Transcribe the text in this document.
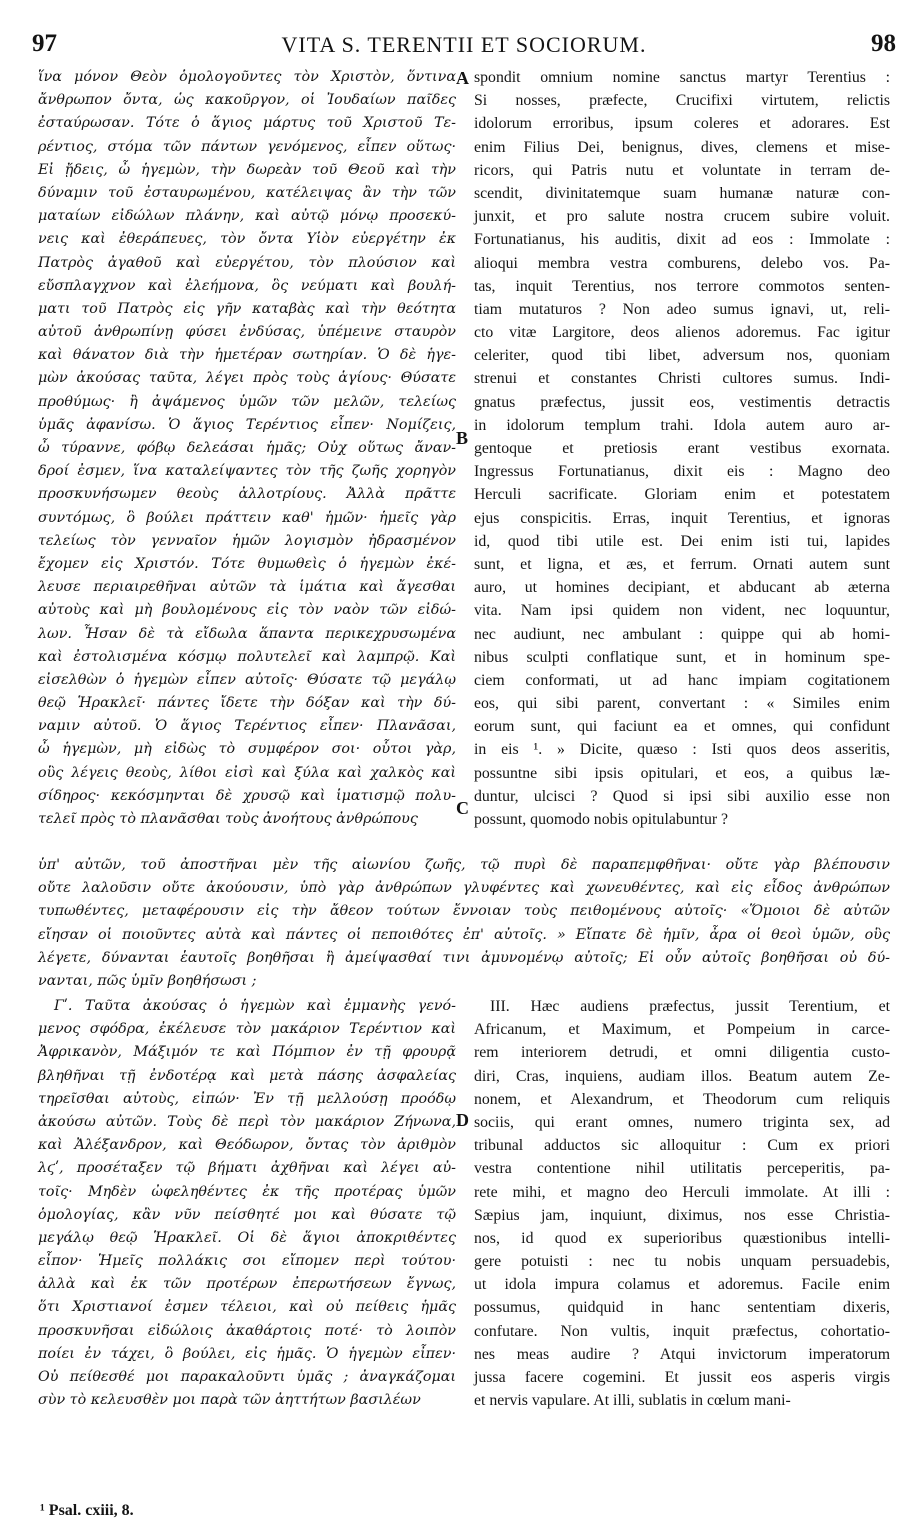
97	VITA S. TERENTII ET SOCIORUM.	98
ἵνα μόνον Θεὸν ὁμολογοῦντες τὸν Χριστὸν, ὅντινα
ἄνθρωπον ὄντα, ὡς κακοῦργον, οἱ Ἰουδαίων παῖδες
ἐσταύρωσαν. Τότε ὁ ἅγιος μάρτυς τοῦ Χριστοῦ Τε-
ρέντιος, στόμα τῶν πάντων γενόμενος, εἶπεν οὕτως·
Εἰ ᾔδεις, ὦ ἡγεμὼν, τὴν δωρεὰν τοῦ Θεοῦ καὶ τὴν
δύναμιν τοῦ ἐσταυρωμένου, κατέλειψας ἂν τὴν τῶν
ματαίων εἰδώλων πλάνην, καὶ αὐτῷ μόνῳ προσεκύ-
νεις καὶ ἐθεράπευες, τὸν ὄντα Υἱὸν εὐεργέτην ἐκ
Πατρὸς ἀγαθοῦ καὶ εὐεργέτου, τὸν πλούσιον καὶ
εὔσπλαγχνον καὶ ἐλεήμονα, ὃς νεύματι καὶ βουλή-
ματι τοῦ Πατρὸς εἰς γῆν καταβὰς καὶ τὴν θεότητα
αὐτοῦ ἀνθρωπίνῃ φύσει ἐνδύσας, ὑπέμεινε σταυρὸν
καὶ θάνατον διὰ τὴν ἡμετέραν σωτηρίαν. Ὁ δὲ ἡγε-
μὼν ἀκούσας ταῦτα, λέγει πρὸς τοὺς ἁγίους· Θύσατε
προθύμως· ἢ ἀψάμενος ὑμῶν τῶν μελῶν, τελείως
ὑμᾶς ἀφανίσω. Ὁ ἅγιος Τερέντιος εἶπεν· Νομίζεις,
ὦ τύραννε, φόβῳ δελεάσαι ἡμᾶς; Οὐχ οὕτως ἄναν-
δροί ἐσμεν, ἵνα καταλείψαντες τὸν τῆς ζωῆς χορηγὸν
προσκυνήσωμεν θεοὺς ἀλλοτρίους. Ἀλλὰ πρᾶττε
συντόμως, ὃ βούλει πράττειν καθ' ἡμῶν· ἡμεῖς γὰρ
τελείως τὸν γενναῖον ἡμῶν λογισμὸν ἠδρασμένον
ἔχομεν εἰς Χριστόν. Τότε θυμωθεὶς ὁ ἡγεμὼν ἐκέ-
λευσε περιαιρεθῆναι αὐτῶν τὰ ἱμάτια καὶ ἄγεσθαι
αὐτοὺς καὶ μὴ βουλομένους εἰς τὸν ναὸν τῶν εἰδώ-
λων. Ἦσαν δὲ τὰ εἴδωλα ἅπαντα περικεχρυσωμένα
καὶ ἐστολισμένα κόσμῳ πολυτελεῖ καὶ λαμπρῷ. Καὶ
εἰσελθὼν ὁ ἡγεμὼν εἶπεν αὐτοῖς· Θύσατε τῷ μεγάλῳ
θεῷ Ἡρακλεῖ· πάντες ἴδετε τὴν δόξαν καὶ τὴν δύ-
ναμιν αὐτοῦ. Ὁ ἅγιος Τερέντιος εἶπεν· Πλανᾶσαι,
ὦ ἡγεμὼν, μὴ εἰδὼς τὸ συμφέρον σοι· οὗτοι γὰρ,
οὓς λέγεις θεοὺς, λίθοι εἰσὶ καὶ ξύλα καὶ χαλκὸς καὶ
σίδηρος· κεκόσμηνται δὲ χρυσῷ καὶ ἱματισμῷ πολυ-
τελεῖ πρὸς τὸ πλανᾶσθαι τοὺς ἀνοήτους ἀνθρώπους
spondit omnium nomine sanctus martyr Terentius :
Si nosses, præfecte, Crucifixi virtutem, relictis
idolorum erroribus, ipsum coleres et adorares. Est
enim Filius Dei, benignus, dives, clemens et mise-
ricors, qui Patris nutu et voluntate in terram de-
scendit, divinitatemque suam humanæ naturæ con-
junxit, et pro salute nostra crucem subire voluit.
Fortunatianus, his auditis, dixit ad eos : Immolate :
alioqui membra vestra comburens, delebo vos. Pa-
tas, inquit Terentius, nos terrore commotos senten-
tiam mutaturos ? Non adeo sumus ignavi, ut, reli-
cto vitæ Largitore, deos alienos adoremus. Fac igitur
celeriter, quod tibi libet, adversum nos, quoniam
strenui et constantes Christi cultores sumus. Indi-
gnatus præfectus, jussit eos, vestimentis detractis
in idolorum templum trahi. Idola autem auro ar-
gentoque et pretiosis erant vestibus exornata.
Ingressus Fortunatianus, dixit eis : Magno deo
Herculi sacrificate. Gloriam enim et potestatem
ejus conspicitis. Erras, inquit Terentius, et ignoras
id, quod tibi utile est. Dei enim isti tui, lapides
sunt, et ligna, et æs, et ferrum. Ornati autem sunt
auro, ut homines decipiant, et abducant ab æterna
vita. Nam ipsi quidem non vident, nec loquuntur,
nec audiunt, nec ambulant : quippe qui ab homi-
nibus sculpti conflatique sunt, et in hominum spe-
ciem conformati, ut ad hanc impiam cogitationem
eos, qui sibi parent, convertant : « Similes enim
eorum sunt, qui faciunt ea et omnes, qui confidunt
in eis ¹. » Dicite, quæso : Isti quos deos asseritis,
possuntne sibi ipsis opitulari, et eos, a quibus læ-
duntur, ulcisci ? Quod si ipsi sibi auxilio esse non
possunt, quomodo nobis opitulabuntur ?
A
B
C
D
ὑπ' αὐτῶν, τοῦ ἀποστῆναι μὲν τῆς αἰωνίου ζωῆς, τῷ πυρὶ δὲ παραπεμφθῆναι· οὔτε γὰρ βλέπουσιν
οὔτε λαλοῦσιν οὔτε ἀκούουσιν, ὑπὸ γὰρ ἀνθρώπων γλυφέντες καὶ χωνευθέντες, καὶ εἰς εἶδος ἀνθρώπων
τυπωθέντες, μεταφέρουσιν εἰς τὴν ἄθεον τούτων ἔννοιαν τοὺς πειθομένους αὐτοῖς· «Ὅμοιοι δὲ αὐτῶν
εἴησαν οἱ ποιοῦντες αὐτὰ καὶ πάντες οἱ πεποιθότες ἐπ' αὐτοῖς. » Εἴπατε δὲ ἡμῖν, ἆρα οἱ θεοὶ ὑμῶν, οὓς
λέγετε, δύνανται ἑαυτοῖς βοηθῆσαι ἢ ἀμείψασθαί τινι ἀμυνομένῳ αὐτοῖς; Εἰ οὖν αὐτοῖς βοηθῆσαι οὐ δύ-
νανται, πῶς ὑμῖν βοηθήσωσι ;
Γʹ. Ταῦτα ἀκούσας ὁ ἡγεμὼν καὶ ἐμμανὴς γενό-
μενος σφόδρα, ἐκέλευσε τὸν μακάριον Τερέντιον καὶ
Ἀφρικανὸν, Μάξιμόν τε καὶ Πόμπιον ἐν τῇ φρουρᾷ
βληθῆναι τῇ ἐνδοτέρᾳ καὶ μετὰ πάσης ἀσφαλείας
τηρεῖσθαι αὐτοὺς, εἰπών· Ἐν τῇ μελλούσῃ προόδῳ
ἀκούσω αὐτῶν. Τοὺς δὲ περὶ τὸν μακάριον Ζήνωνα,
καὶ Ἀλέξανδρον, καὶ Θεόδωρον, ὄντας τὸν ἀριθμὸν
λϛʹ, προσέταξεν τῷ βήματι ἀχθῆναι καὶ λέγει αὐ-
τοῖς· Μηδὲν ὠφεληθέντες ἐκ τῆς προτέρας ὑμῶν
ὁμολογίας, κἂν νῦν πείσθητέ μοι καὶ θύσατε τῷ
μεγάλῳ θεῷ Ἡρακλεῖ. Οἱ δὲ ἅγιοι ἀποκριθέντες
εἶπον· Ἡμεῖς πολλάκις σοι εἴπομεν περὶ τούτου·
ἀλλὰ καὶ ἐκ τῶν προτέρων ἐπερωτήσεων ἔγνως,
ὅτι Χριστιανοί ἐσμεν τέλειοι, καὶ οὐ πείθεις ἡμᾶς
προσκυνῆσαι εἰδώλοις ἀκαθάρτοις ποτέ· τὸ λοιπὸν
ποίει ἐν τάχει, ὃ βούλει, εἰς ἡμᾶς. Ὁ ἡγεμὼν εἶπεν·
Οὐ πείθεσθέ μοι παρακαλοῦντι ὑμᾶς ; ἀναγκάζομαι
σὺν τὸ κελευσθὲν μοι παρὰ τῶν ἀηττήτων βασιλέων
III. Hæc audiens præfectus, jussit Terentium, et
Africanum, et Maximum, et Pompeium in carce-
rem interiorem detrudi, et omni diligentia custo-
diri, Cras, inquiens, audiam illos. Beatum autem Ze-
nonem, et Alexandrum, et Theodorum cum reliquis
sociis, qui erant omnes, numero triginta sex, ad
tribunal adductos sic alloquitur : Cum ex priori
vestra contentione nihil utilitatis perceperitis, pa-
rete mihi, et magno deo Herculi immolate. At illi :
Sæpius jam, inquiunt, diximus, nos esse Christia-
nos, id quod ex superioribus quæstionibus intelli-
gere potuisti : nec tu nobis unquam persuadebis,
ut idola impura colamus et adoremus. Facile enim
possumus, quidquid in hanc sententiam dixeris,
confutare. Non vultis, inquit præfectus, cohortatio-
nes meas audire ? Atqui invictorum imperatorum
jussa facere cogemini. Et jussit eos asperis virgis
et nervis vapulare. At illi, sublatis in cœlum mani-
¹ Psal. cxiii, 8.
